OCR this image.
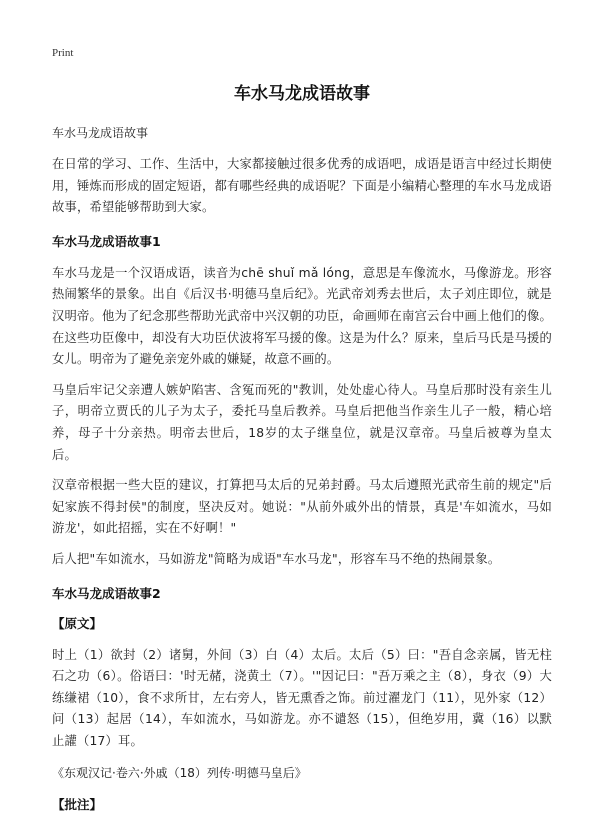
Print
车水马龙成语故事
车水马龙成语故事

在日常的学习、工作、生活中，大家都接触过很多优秀的成语吧，成语是语言中经过长期使用，锤炼而形成的固定短语，都有哪些经典的成语呢？下面是小编精心整理的车水马龙成语故事，希望能够帮助到大家。

车水马龙成语故事1

车水马龙是一个汉语成语，读音为chē shuǐ mǎ lóng，意思是车像流水，马像游龙。形容热闹繁华的景象。出自《后汉书·明德马皇后纪》。光武帝刘秀去世后，太子刘庄即位，就是汉明帝。他为了纪念那些帮助光武帝中兴汉朝的功臣，命画师在南宫云台中画上他们的像。在这些功臣像中，却没有大功臣伏波将军马援的像。这是为什么？原来，皇后马氏是马援的女儿。明帝为了避免亲宠外戚的嫌疑，故意不画的。

马皇后牢记父亲遭人嫉妒陷害、含冤而死的"教训，处处虚心待人。马皇后那时没有亲生儿子，明帝立贾氏的儿子为太子，委托马皇后教养。马皇后把他当作亲生儿子一般，精心培养，母子十分亲热。明帝去世后，18岁的太子继皇位，就是汉章帝。马皇后被尊为皇太后。

汉章帝根据一些大臣的建议，打算把马太后的兄弟封爵。马太后遵照光武帝生前的规定"后妃家族不得封侯"的制度，坚决反对。她说："从前外戚外出的情景，真是'车如流水，马如游龙'，如此招摇，实在不好啊！"

后人把"车如流水，马如游龙"简略为成语"车水马龙"，形容车马不绝的热闹景象。

车水马龙成语故事2
【原文】

时上（1）欲封（2）诸舅，外间（3）白（4）太后。太后（5）曰："吾自念亲属，皆无柱石之功（6）。俗语曰：'时无赭，浇黄土（7）。'"因记曰："吾万乘之主（8），身衣（9）大练缣裙（10），食不求所甘，左右旁人，皆无熏香之饰。前过濯龙门（11），见外家（12）问（13）起居（14），车如流水，马如游龙。亦不谴怒（15），但绝岁用，冀（16）以默止讙（17）耳。

《东观汉记·卷六·外戚（18）列传·明德马皇后》
【批注】
